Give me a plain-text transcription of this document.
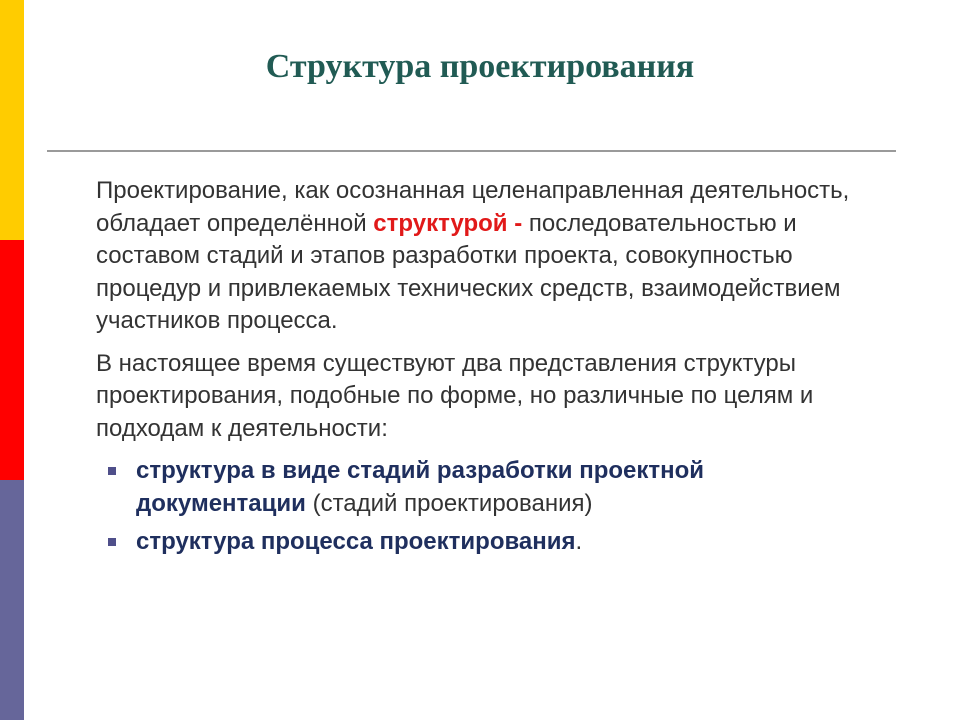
Структура проектирования

Проектирование, как осознанная целенаправленная деятельность, обладает определённой структурой - последовательностью и составом стадий и этапов разработки проекта, совокупностью процедур и привлекаемых технических средств, взаимодействием участников процесса.

В настоящее время существуют два представления структуры проектирования, подобные по форме, но различные по целям и подходам к деятельности:

структура в виде стадий разработки проектной документации (стадий проектирования)
структура процесса проектирования.
